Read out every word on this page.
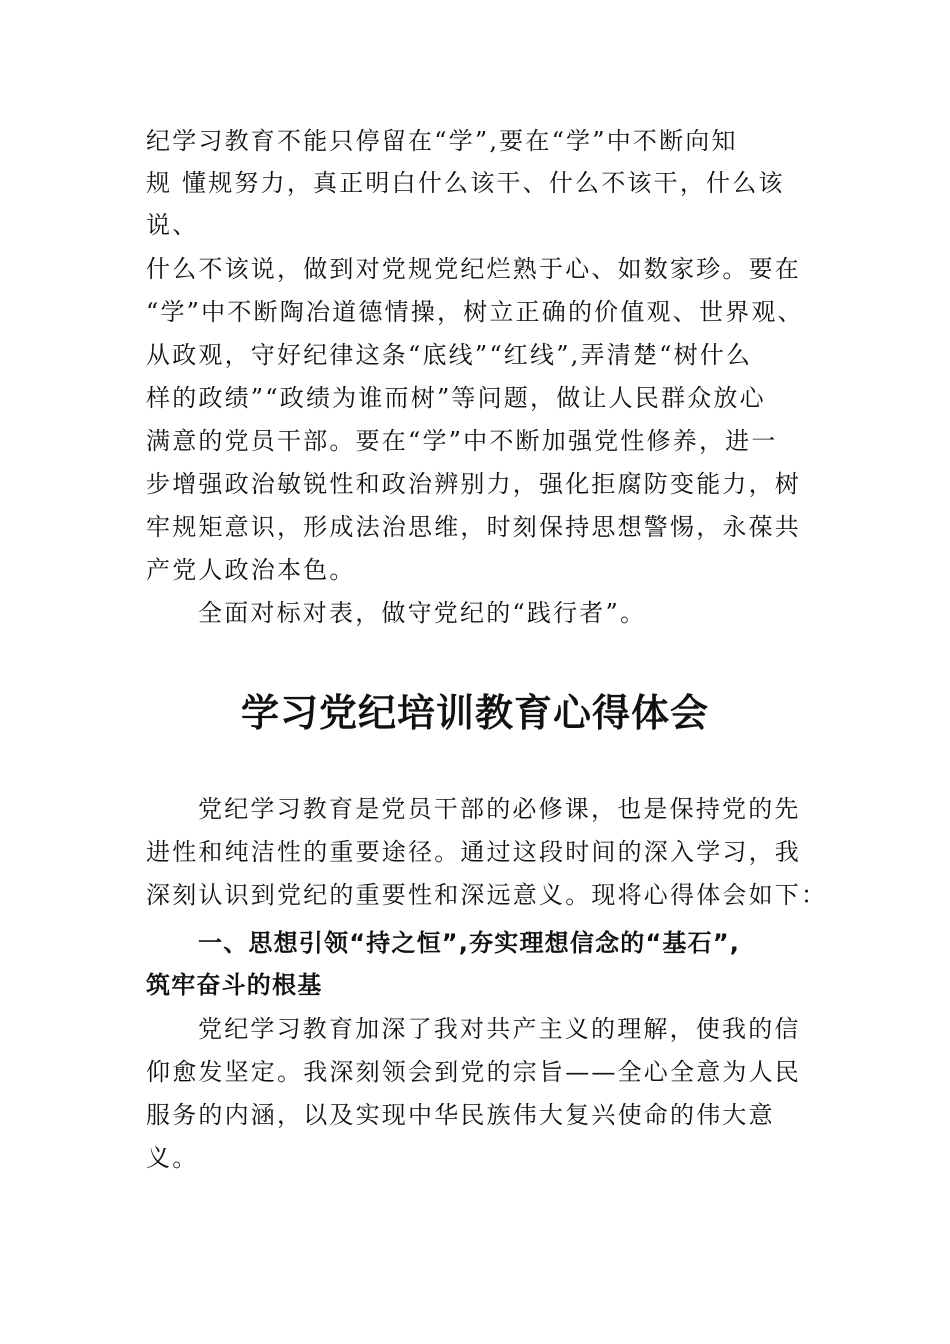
纪学习教育不能只停留在“学”,要在“学”中不断向知
规 懂规努力，真正明白什么该干、什么不该干，什么该
说、
什么不该说，做到对党规党纪烂熟于心、如数家珍。要在
“学”中不断陶冶道德情操，树立正确的价值观、世界观、
从政观，守好纪律这条“底线”“红线”,弄清楚“树什么
样的政绩”“政绩为谁而树”等问题，做让人民群众放心
满意的党员干部。要在“学”中不断加强党性修养，进一
步增强政治敏锐性和政治辨别力，强化拒腐防变能力，树
牢规矩意识，形成法治思维，时刻保持思想警惕，永葆共
产党人政治本色。
全面对标对表，做守党纪的“践行者”。
学习党纪培训教育心得体会
党纪学习教育是党员干部的必修课，也是保持党的先
进性和纯洁性的重要途径。通过这段时间的深入学习，我
深刻认识到党纪的重要性和深远意义。现将心得体会如下：
一、思想引领“持之恒”,夯实理想信念的“基石”,
筑牢奋斗的根基
党纪学习教育加深了我对共产主义的理解，使我的信
仰愈发坚定。我深刻领会到党的宗旨——全心全意为人民
服务的内涵，以及实现中华民族伟大复兴使命的伟大意
义。
